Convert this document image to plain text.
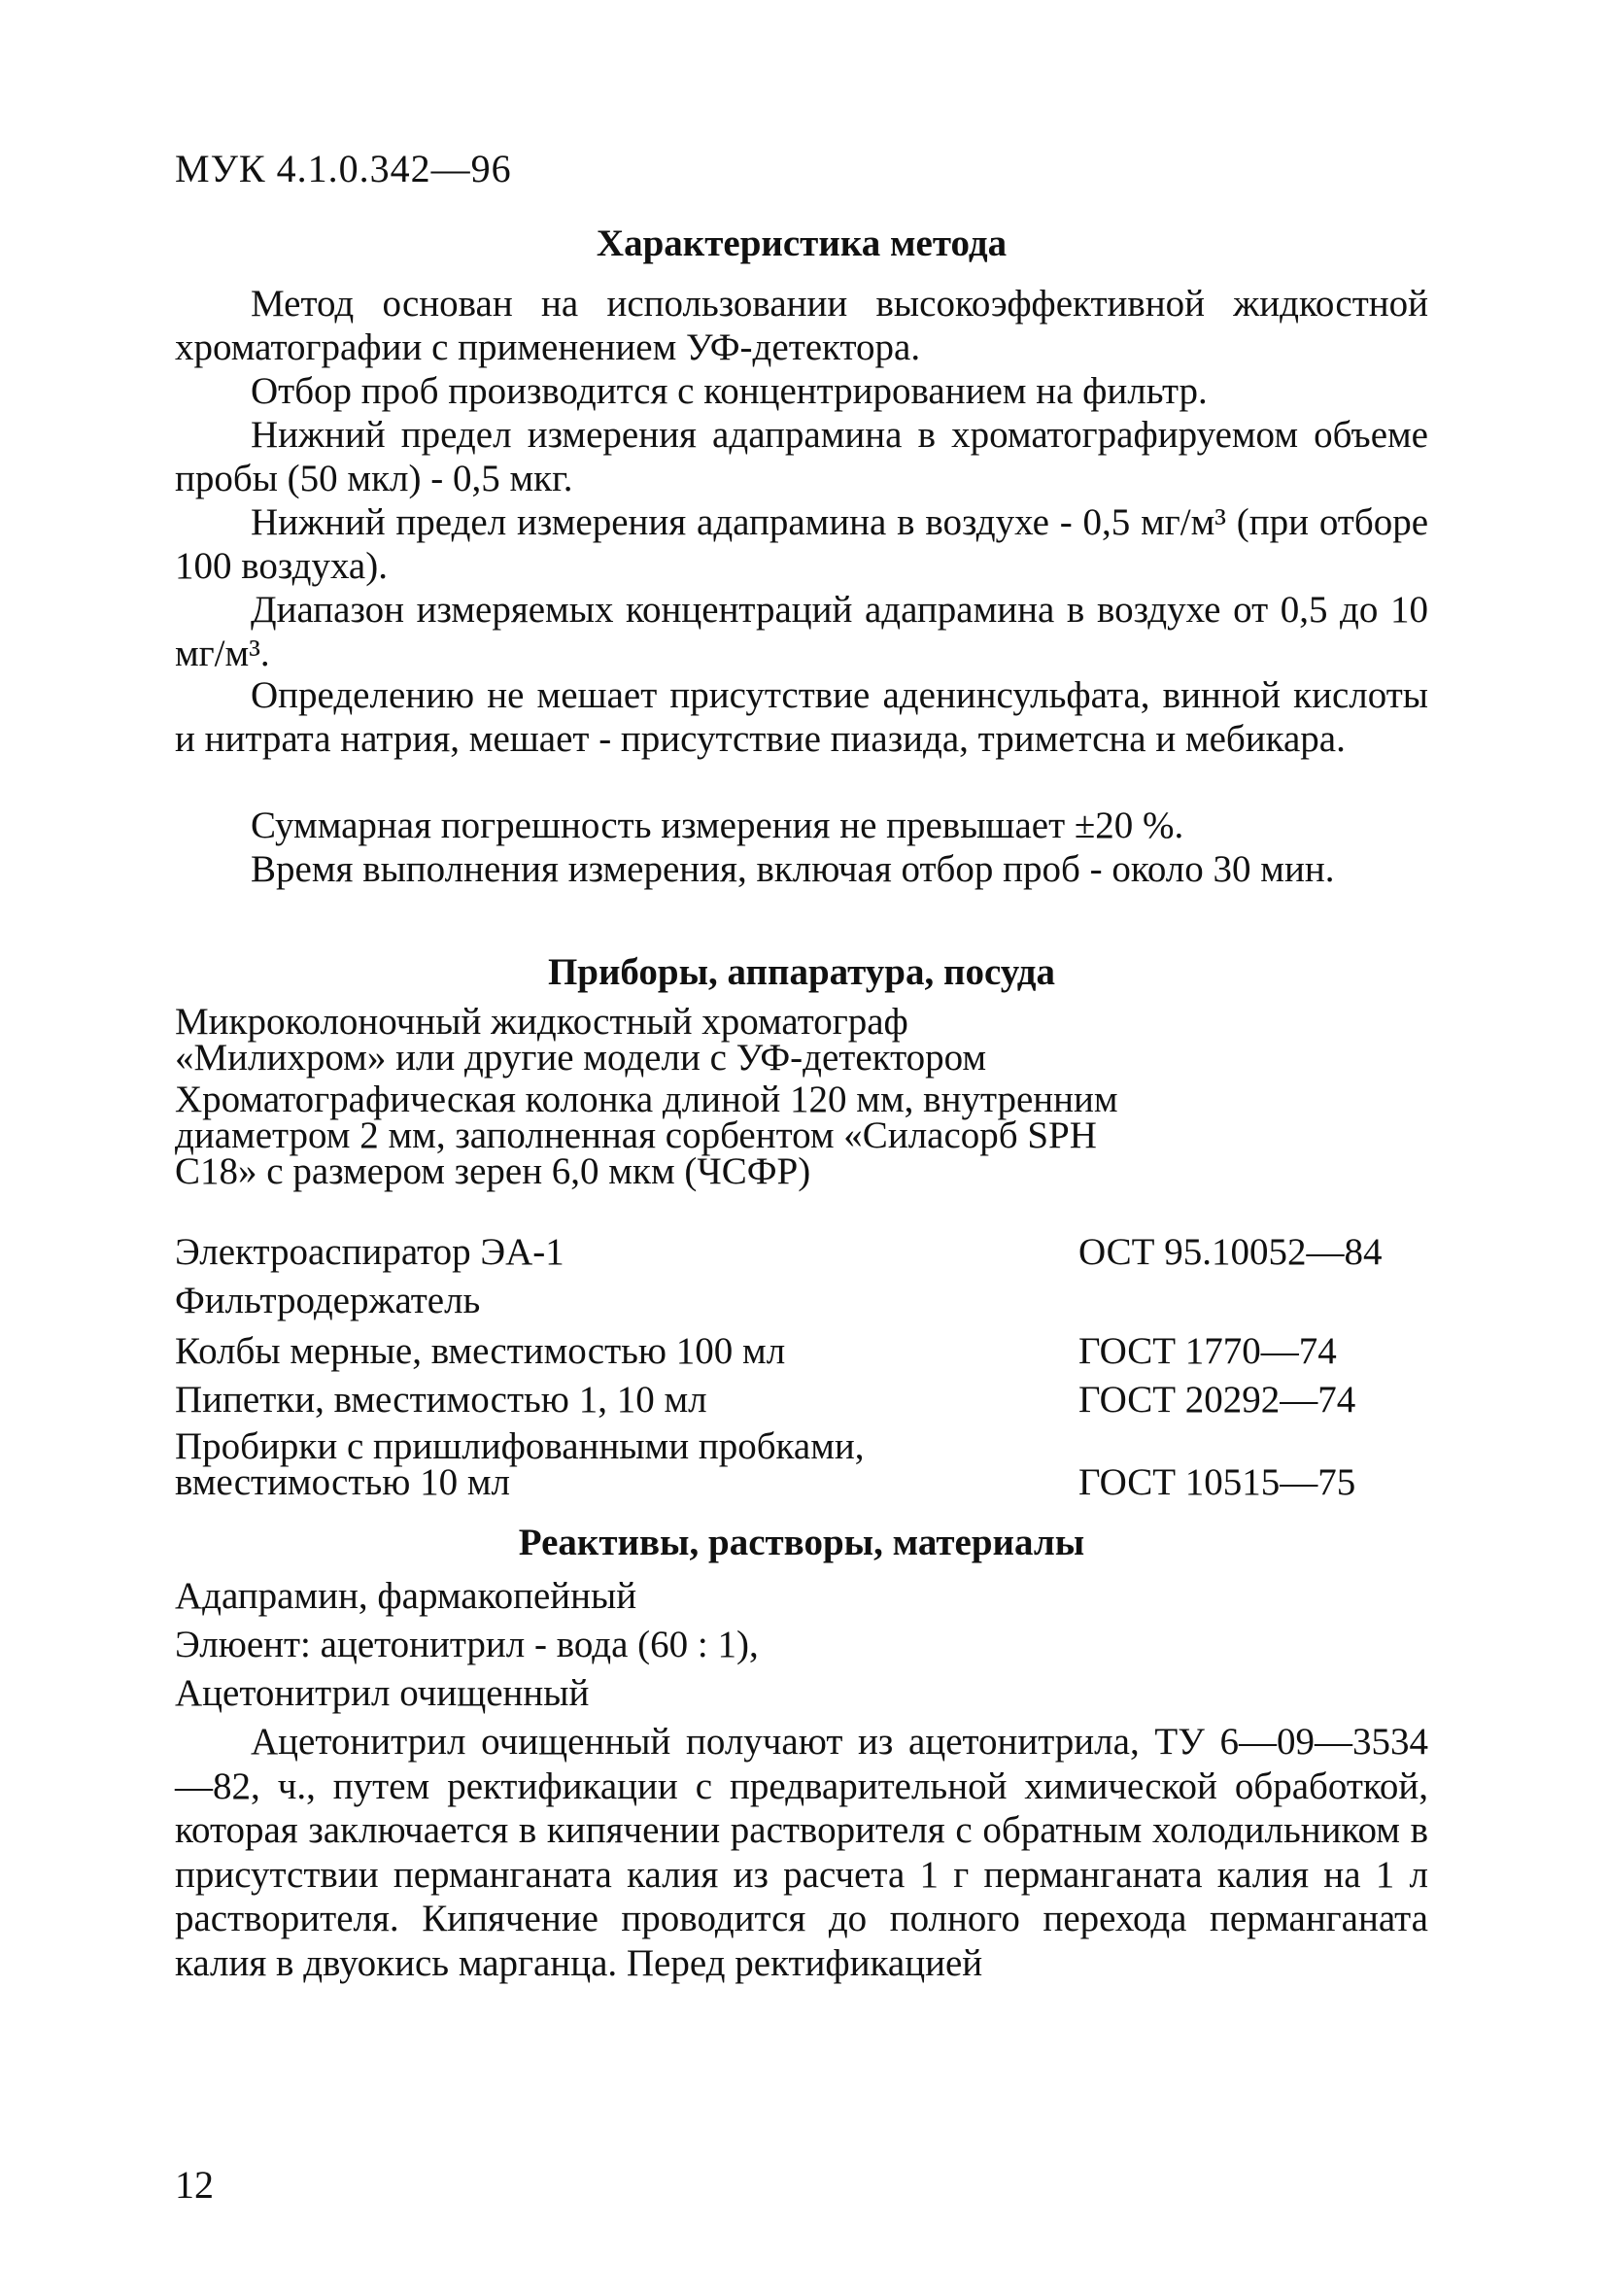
МУК 4.1.0.342—96
Характеристика метода
Метод основан на использовании высокоэффективной жидкостной хроматографии с применением УФ-детектора.
Отбор проб производится с концентрированием на фильтр.
Нижний предел измерения адапрамина в хроматографируемом объеме пробы (50 мкл) - 0,5 мкг.
Нижний предел измерения адапрамина в воздухе - 0,5 мг/м³ (при отборе 100 воздуха).
Диапазон измеряемых концентраций адапрамина в воздухе от 0,5 до 10 мг/м³.
Определению не мешает присутствие аденинсульфата, винной кислоты и нитрата натрия, мешает - присутствие пиазида, триметсна и мебикара.
Суммарная погрешность измерения не превышает ±20 %.
Время выполнения измерения, включая отбор проб - около 30 мин.
Приборы, аппаратура, посуда
Микроколоночный жидкостный хроматограф «Милихром» или другие модели с УФ-детектором
Хроматографическая колонка длиной 120 мм, внутренним диаметром 2 мм, заполненная сорбентом «Силасорб SPH C18» с размером зерен 6,0 мкм (ЧСФР)
Электроаспиратор ЭА-1	ОСТ 95.10052—84
Фильтродержатель
Колбы мерные, вместимостью 100 мл	ГОСТ 1770—74
Пипетки, вместимостью 1, 10 мл	ГОСТ 20292—74
Пробирки с пришлифованными пробками, вместимостью 10 мл	ГОСТ 10515—75
Реактивы, растворы, материалы
Адапрамин, фармакопейный
Элюент: ацетонитрил - вода (60 : 1),
Ацетонитрил очищенный
Ацетонитрил очищенный получают из ацетонитрила, ТУ 6—09—3534—82, ч., путем ректификации с предварительной химической обработкой, которая заключается в кипячении растворителя с обратным холодильником в присутствии перманганата калия из расчета 1 г перманганата калия на 1 л растворителя. Кипячение проводится до полного перехода перманганата калия в двуокись марганца. Перед ректификацией
12
